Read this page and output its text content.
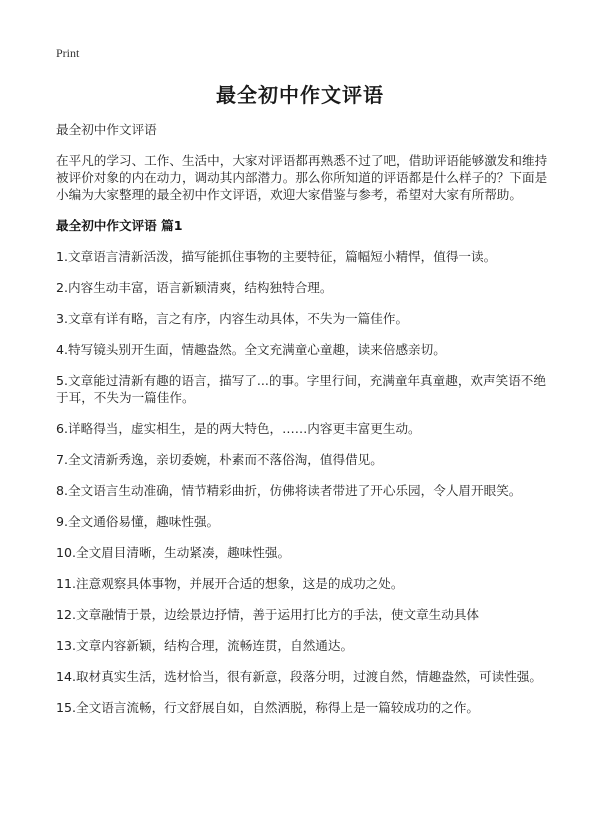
Print
最全初中作文评语

最全初中作文评语

在平凡的学习、工作、生活中，大家对评语都再熟悉不过了吧，借助评语能够激发和维持被评价对象的内在动力，调动其内部潜力。那么你所知道的评语都是什么样子的？下面是小编为大家整理的最全初中作文评语，欢迎大家借鉴与参考，希望对大家有所帮助。

最全初中作文评语 篇1

1.文章语言清新活泼，描写能抓住事物的主要特征，篇幅短小精悍，值得一读。
2.内容生动丰富，语言新颖清爽，结构独特合理。
3.文章有详有略，言之有序，内容生动具体，不失为一篇佳作。
4.特写镜头别开生面，情趣盎然。全文充满童心童趣，读来倍感亲切。
5.文章能过清新有趣的语言，描写了...的事。字里行间，充满童年真童趣，欢声笑语不绝于耳，不失为一篇佳作。
6.详略得当，虚实相生，是的两大特色，……内容更丰富更生动。
7.全文清新秀逸，亲切委婉，朴素而不落俗淘，值得借见。
8.全文语言生动准确，情节精彩曲折，仿佛将读者带进了开心乐园，令人眉开眼笑。
9.全文通俗易懂，趣味性强。
10.全文眉目清晰，生动紧凑，趣味性强。
11.注意观察具体事物，并展开合适的想象，这是的成功之处。
12.文章融情于景，边绘景边抒情，善于运用打比方的手法，使文章生动具体
13.文章内容新颖，结构合理，流畅连贯，自然通达。
14.取材真实生活，选材恰当，很有新意，段落分明，过渡自然，情趣盎然，可读性强。
15.全文语言流畅，行文舒展自如，自然洒脱，称得上是一篇较成功的之作。
